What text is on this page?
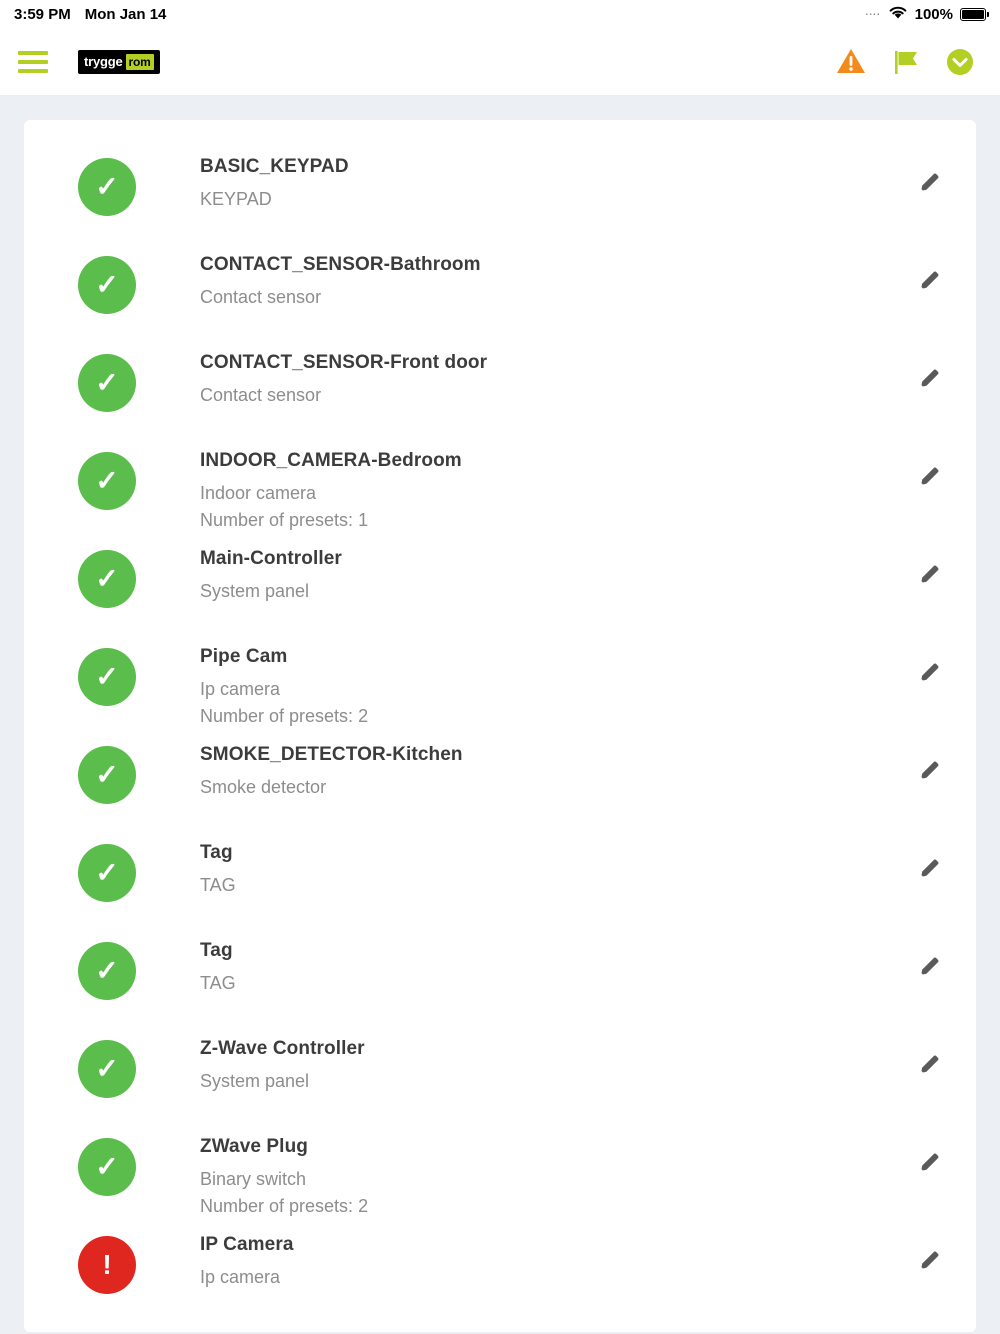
3:59 PM Mon Jan 14	.... 100%
trygge rom
✓
BASIC_KEYPAD
KEYPAD
✓
CONTACT_SENSOR-Bathroom
Contact sensor
✓
CONTACT_SENSOR-Front door
Contact sensor
✓
INDOOR_CAMERA-Bedroom
Indoor camera
Number of presets: 1
✓
Main-Controller
System panel
✓
Pipe Cam
Ip camera
Number of presets: 2
✓
SMOKE_DETECTOR-Kitchen
Smoke detector
✓
Tag
TAG
✓
Tag
TAG
✓
Z-Wave Controller
System panel
✓
ZWave Plug
Binary switch
Number of presets: 2
!
IP Camera
Ip camera
